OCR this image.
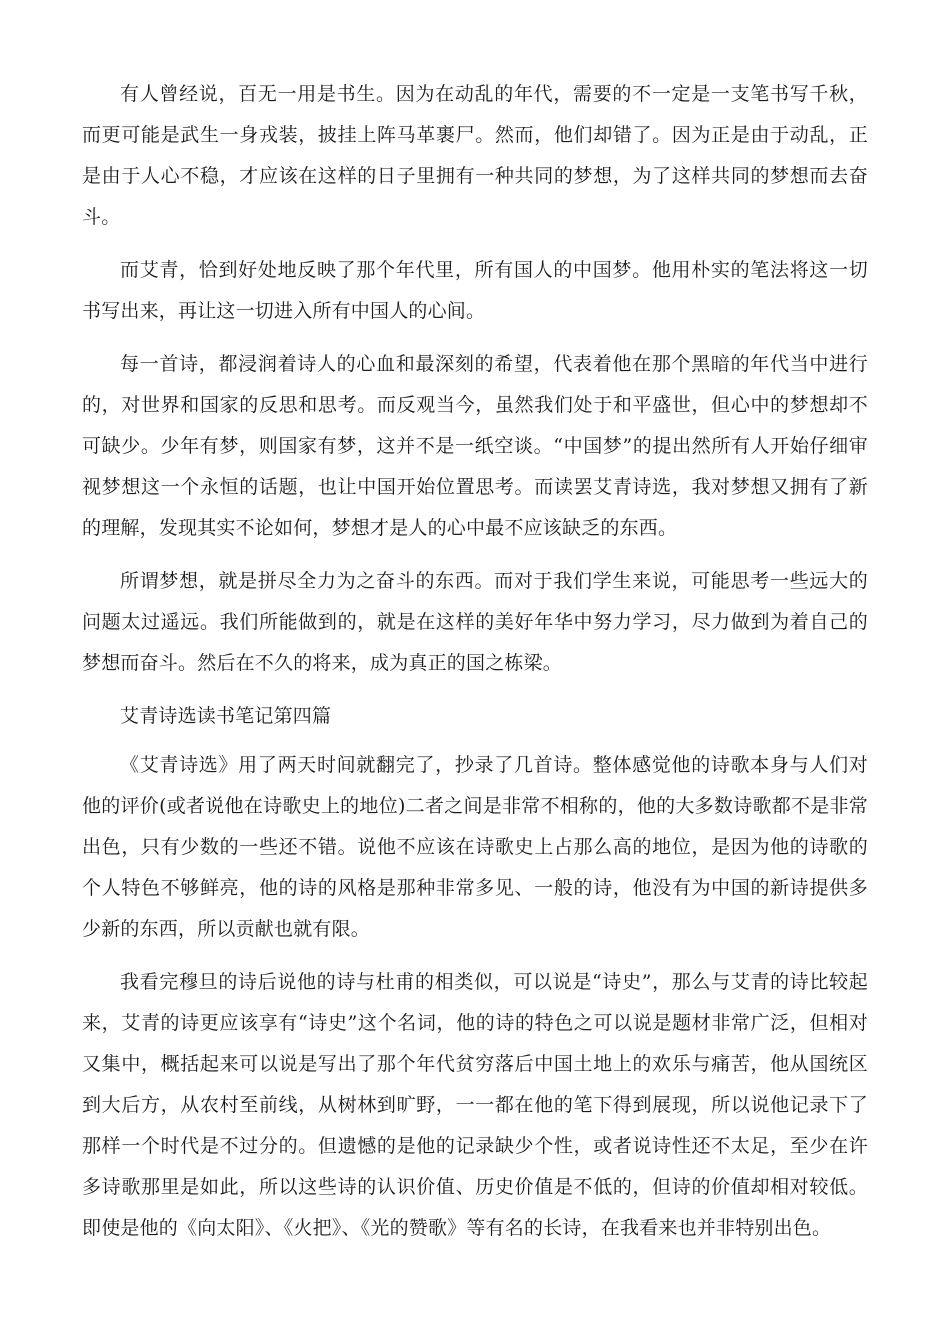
有人曾经说，百无一用是书生。因为在动乱的年代，需要的不一定是一支笔书写千秋，而更可能是武生一身戎装，披挂上阵马革裹尸。然而，他们却错了。因为正是由于动乱，正是由于人心不稳，才应该在这样的日子里拥有一种共同的梦想，为了这样共同的梦想而去奋斗。

而艾青，恰到好处地反映了那个年代里，所有国人的中国梦。他用朴实的笔法将这一切书写出来，再让这一切进入所有中国人的心间。

每一首诗，都浸润着诗人的心血和最深刻的希望，代表着他在那个黑暗的年代当中进行的，对世界和国家的反思和思考。而反观当今，虽然我们处于和平盛世，但心中的梦想却不可缺少。少年有梦，则国家有梦，这并不是一纸空谈。“中国梦”的提出然所有人开始仔细审视梦想这一个永恒的话题，也让中国开始位置思考。而读罢艾青诗选，我对梦想又拥有了新的理解，发现其实不论如何，梦想才是人的心中最不应该缺乏的东西。

所谓梦想，就是拼尽全力为之奋斗的东西。而对于我们学生来说，可能思考一些远大的问题太过遥远。我们所能做到的，就是在这样的美好年华中努力学习，尽力做到为着自己的梦想而奋斗。然后在不久的将来，成为真正的国之栋梁。

艾青诗选读书笔记第四篇

《艾青诗选》用了两天时间就翻完了，抄录了几首诗。整体感觉他的诗歌本身与人们对他的评价(或者说他在诗歌史上的地位)二者之间是非常不相称的，他的大多数诗歌都不是非常出色，只有少数的一些还不错。说他不应该在诗歌史上占那么高的地位，是因为他的诗歌的个人特色不够鲜亮，他的诗的风格是那种非常多见、一般的诗，他没有为中国的新诗提供多少新的东西，所以贡献也就有限。

我看完穆旦的诗后说他的诗与杜甫的相类似，可以说是“诗史”，那么与艾青的诗比较起来，艾青的诗更应该享有“诗史”这个名词，他的诗的特色之可以说是题材非常广泛，但相对又集中，概括起来可以说是写出了那个年代贫穷落后中国土地上的欢乐与痛苦，他从国统区到大后方，从农村至前线，从树林到旷野，一一都在他的笔下得到展现，所以说他记录下了那样一个时代是不过分的。但遗憾的是他的记录缺少个性，或者说诗性还不太足，至少在许多诗歌那里是如此，所以这些诗的认识价值、历史价值是不低的，但诗的价值却相对较低。即使是他的《向太阳》、《火把》、《光的赞歌》等有名的长诗，在我看来也并非特别出色。
